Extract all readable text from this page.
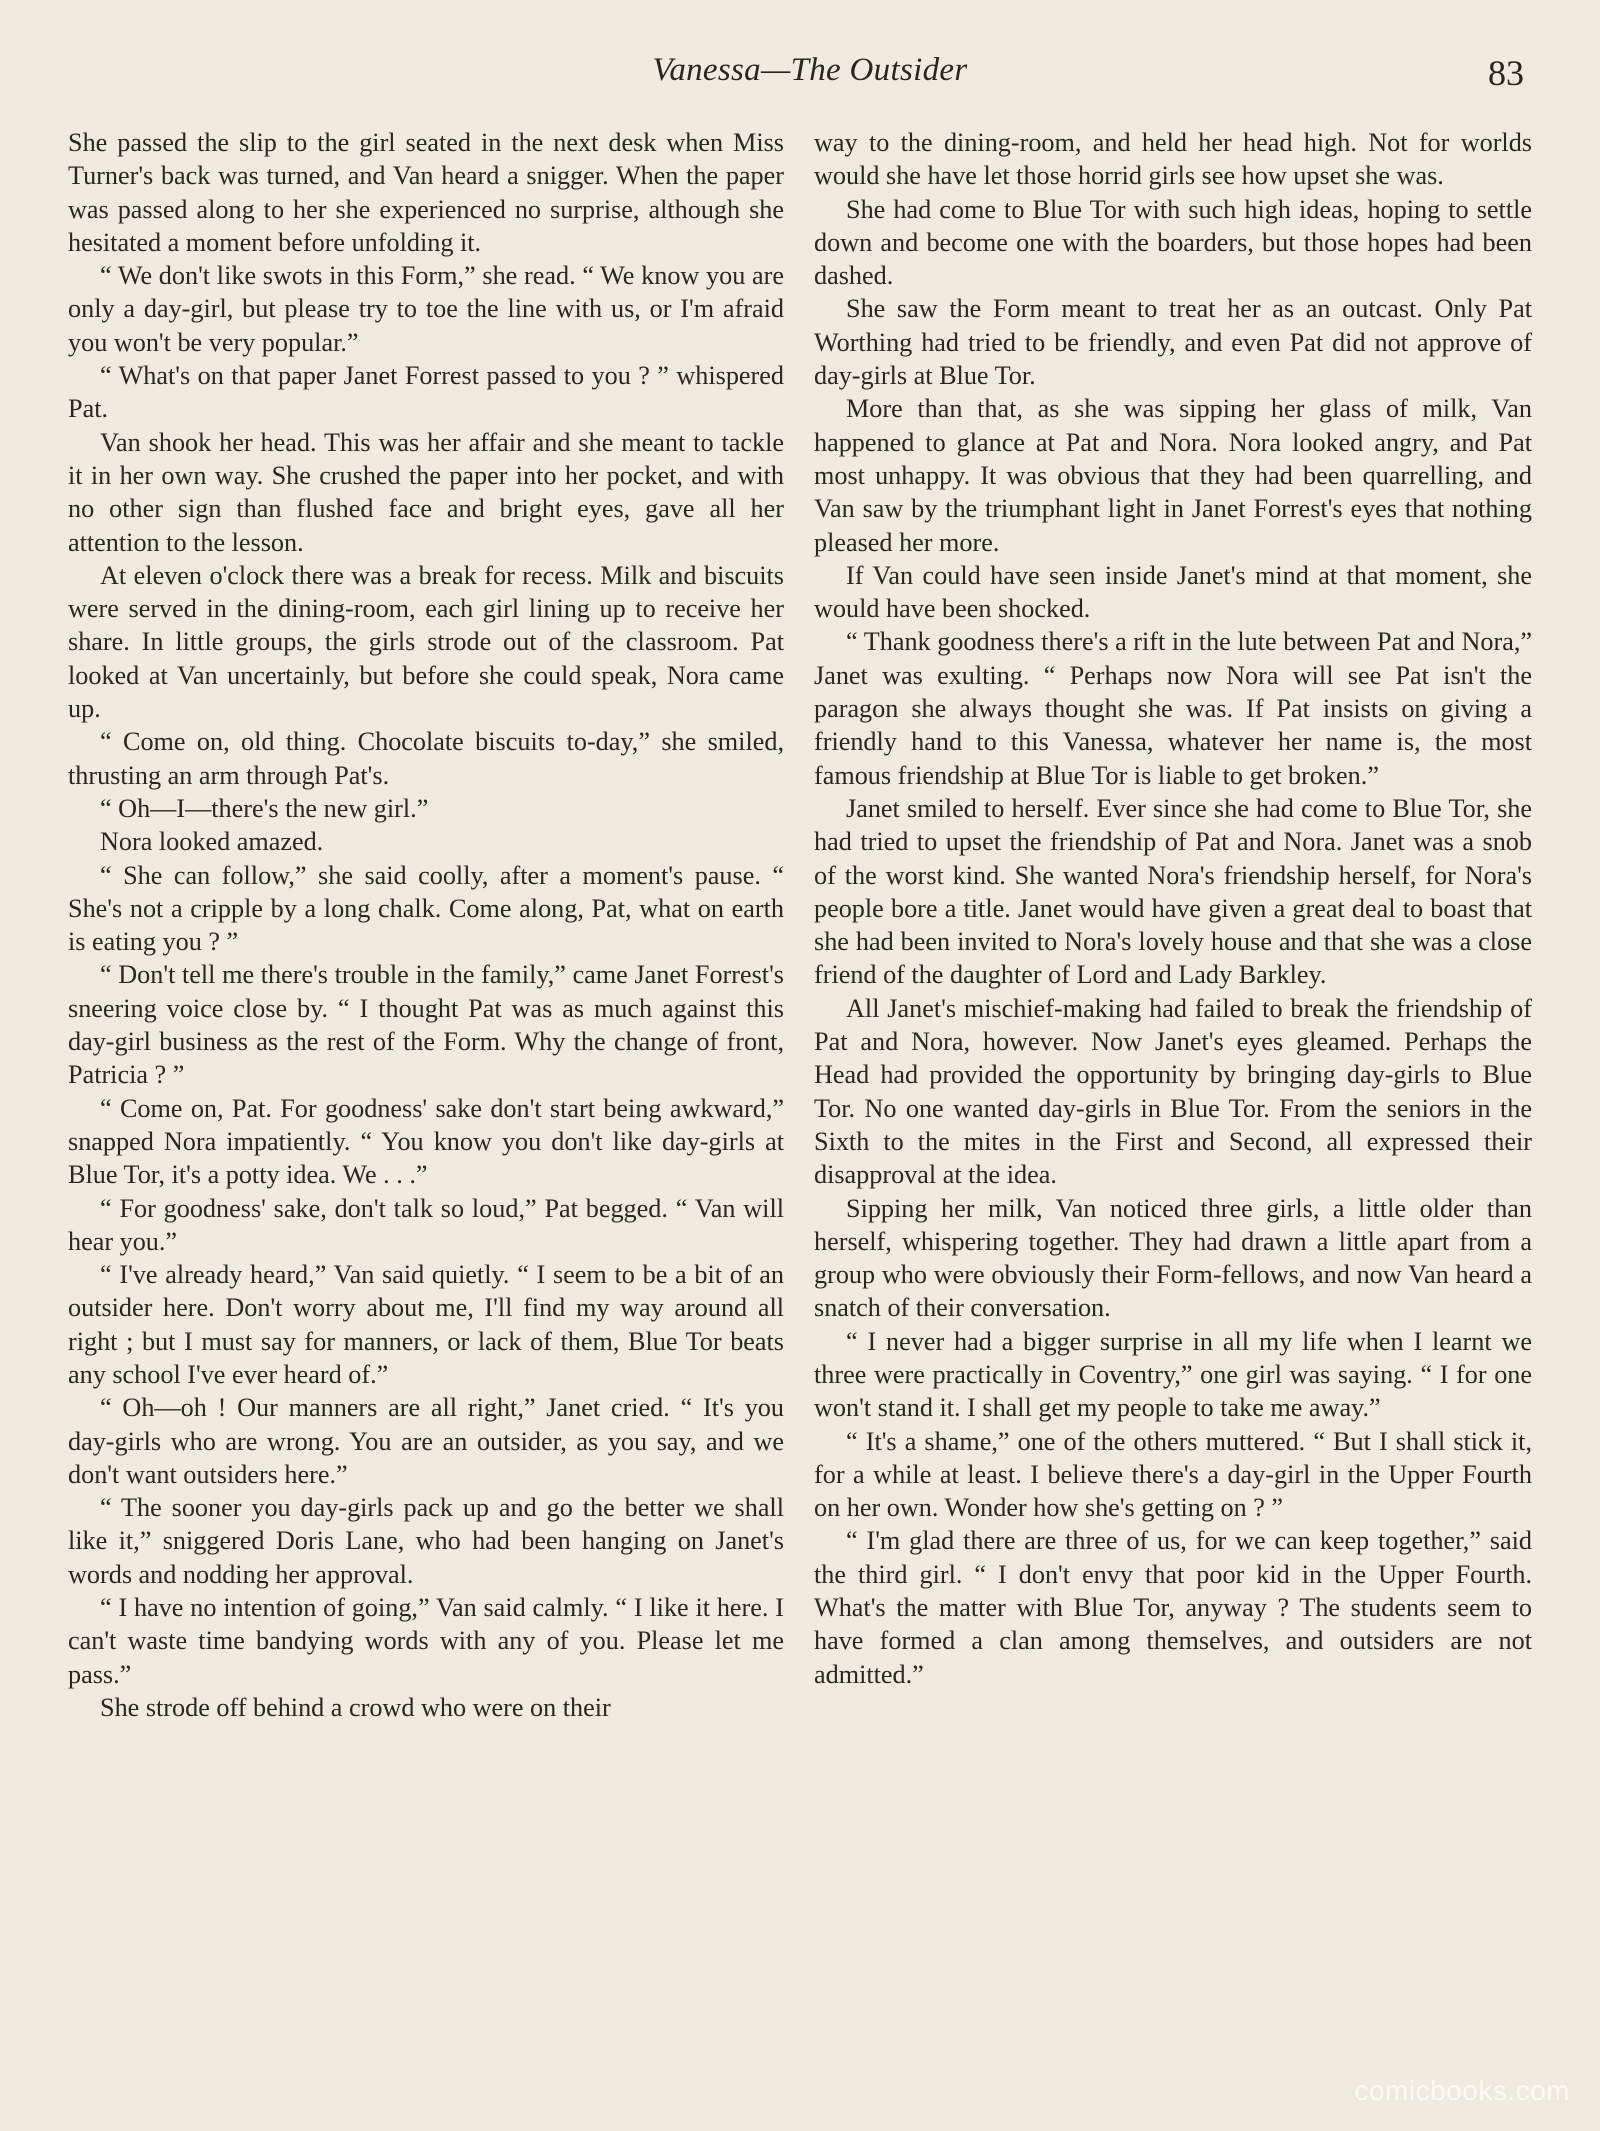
Vanessa—The Outsider	83

She passed the slip to the girl seated in the next desk when Miss Turner's back was turned, and Van heard a snigger. When the paper was passed along to her she experienced no surprise, although she hesitated a moment before unfolding it.

“ We don't like swots in this Form,” she read. “ We know you are only a day-girl, but please try to toe the line with us, or I'm afraid you won't be very popular.”

“ What's on that paper Janet Forrest passed to you ? ” whispered Pat.

Van shook her head. This was her affair and she meant to tackle it in her own way. She crushed the paper into her pocket, and with no other sign than flushed face and bright eyes, gave all her attention to the lesson.

At eleven o'clock there was a break for recess. Milk and biscuits were served in the dining-room, each girl lining up to receive her share. In little groups, the girls strode out of the classroom. Pat looked at Van uncertainly, but before she could speak, Nora came up.

“ Come on, old thing. Chocolate biscuits to-day,” she smiled, thrusting an arm through Pat's.

“ Oh—I—there's the new girl.”

Nora looked amazed.

“ She can follow,” she said coolly, after a moment's pause. “ She's not a cripple by a long chalk. Come along, Pat, what on earth is eating you ? ”

“ Don't tell me there's trouble in the family,” came Janet Forrest's sneering voice close by. “ I thought Pat was as much against this day-girl business as the rest of the Form. Why the change of front, Patricia ? ”

“ Come on, Pat. For goodness' sake don't start being awkward,” snapped Nora impatiently. “ You know you don't like day-girls at Blue Tor, it's a potty idea. We . . .”

“ For goodness' sake, don't talk so loud,” Pat begged. “ Van will hear you.”

“ I've already heard,” Van said quietly. “ I seem to be a bit of an outsider here. Don't worry about me, I'll find my way around all right ; but I must say for manners, or lack of them, Blue Tor beats any school I've ever heard of.”

“ Oh—oh ! Our manners are all right,” Janet cried. “ It's you day-girls who are wrong. You are an outsider, as you say, and we don't want outsiders here.”

“ The sooner you day-girls pack up and go the better we shall like it,” sniggered Doris Lane, who had been hanging on Janet's words and nodding her approval.

“ I have no intention of going,” Van said calmly. “ I like it here. I can't waste time bandying words with any of you. Please let me pass.”

She strode off behind a crowd who were on their

way to the dining-room, and held her head high. Not for worlds would she have let those horrid girls see how upset she was.

She had come to Blue Tor with such high ideas, hoping to settle down and become one with the boarders, but those hopes had been dashed.

She saw the Form meant to treat her as an outcast. Only Pat Worthing had tried to be friendly, and even Pat did not approve of day-girls at Blue Tor.

More than that, as she was sipping her glass of milk, Van happened to glance at Pat and Nora. Nora looked angry, and Pat most unhappy. It was obvious that they had been quarrelling, and Van saw by the triumphant light in Janet Forrest's eyes that nothing pleased her more.

If Van could have seen inside Janet's mind at that moment, she would have been shocked.

“ Thank goodness there's a rift in the lute between Pat and Nora,” Janet was exulting. “ Perhaps now Nora will see Pat isn't the paragon she always thought she was. If Pat insists on giving a friendly hand to this Vanessa, whatever her name is, the most famous friendship at Blue Tor is liable to get broken.”

Janet smiled to herself. Ever since she had come to Blue Tor, she had tried to upset the friendship of Pat and Nora. Janet was a snob of the worst kind. She wanted Nora's friendship herself, for Nora's people bore a title. Janet would have given a great deal to boast that she had been invited to Nora's lovely house and that she was a close friend of the daughter of Lord and Lady Barkley.

All Janet's mischief-making had failed to break the friendship of Pat and Nora, however. Now Janet's eyes gleamed. Perhaps the Head had provided the opportunity by bringing day-girls to Blue Tor. No one wanted day-girls in Blue Tor. From the seniors in the Sixth to the mites in the First and Second, all expressed their disapproval at the idea.

Sipping her milk, Van noticed three girls, a little older than herself, whispering together. They had drawn a little apart from a group who were obviously their Form-fellows, and now Van heard a snatch of their conversation.

“ I never had a bigger surprise in all my life when I learnt we three were practically in Coventry,” one girl was saying. “ I for one won't stand it. I shall get my people to take me away.”

“ It's a shame,” one of the others muttered. “ But I shall stick it, for a while at least. I believe there's a day-girl in the Upper Fourth on her own. Wonder how she's getting on ? ”

“ I'm glad there are three of us, for we can keep together,” said the third girl. “ I don't envy that poor kid in the Upper Fourth. What's the matter with Blue Tor, anyway ? The students seem to have formed a clan among themselves, and outsiders are not admitted.”

comicbooks.com
